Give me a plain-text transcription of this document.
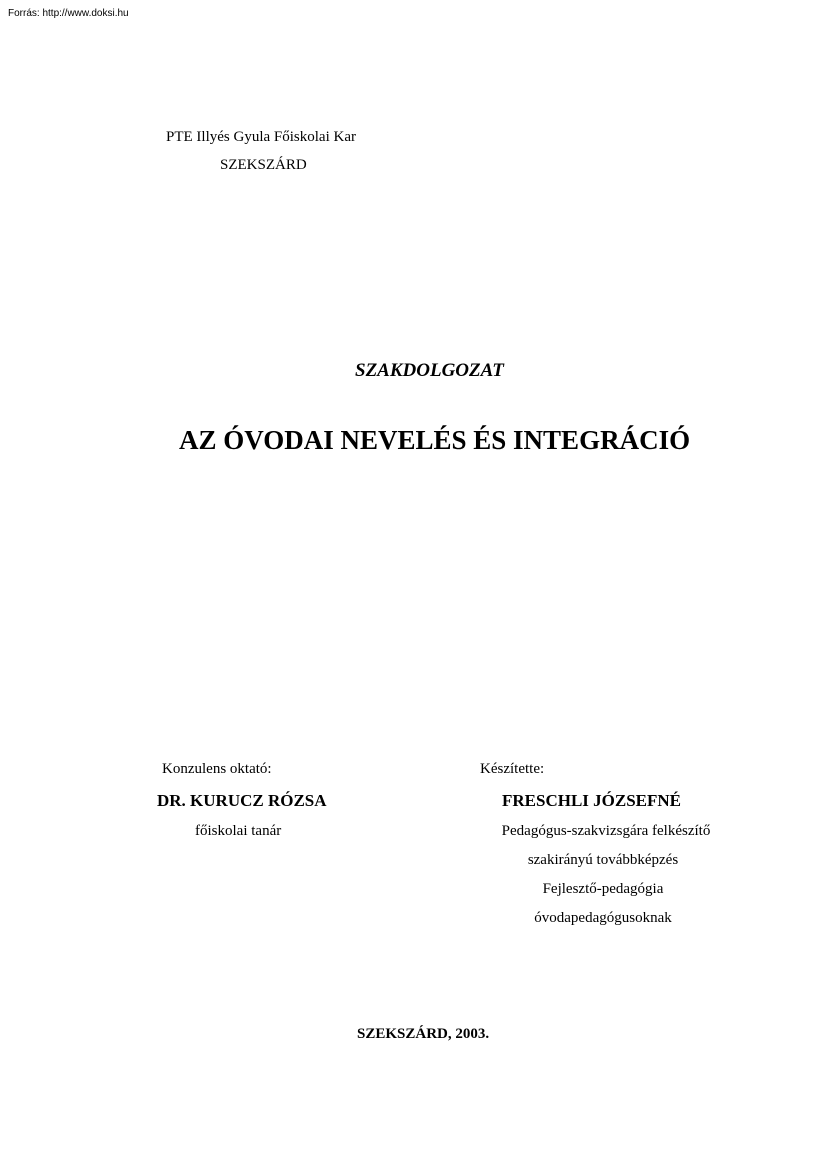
Forrás: http://www.doksi.hu
PTE Illyés Gyula Főiskolai Kar
SZEKSZÁRD
SZAKDOLGOZAT
AZ ÓVODAI NEVELÉS ÉS INTEGRÁCIÓ
Konzulens oktató:
DR. KURUCZ RÓZSA
főiskolai tanár
Készítette:
FRESCHLI JÓZSEFNÉ
Pedagógus-szakvizsgára felkészítő
szakirányú továbbképzés
Fejlesztő-pedagógia
óvodapedagógusoknak
SZEKSZÁRD, 2003.
